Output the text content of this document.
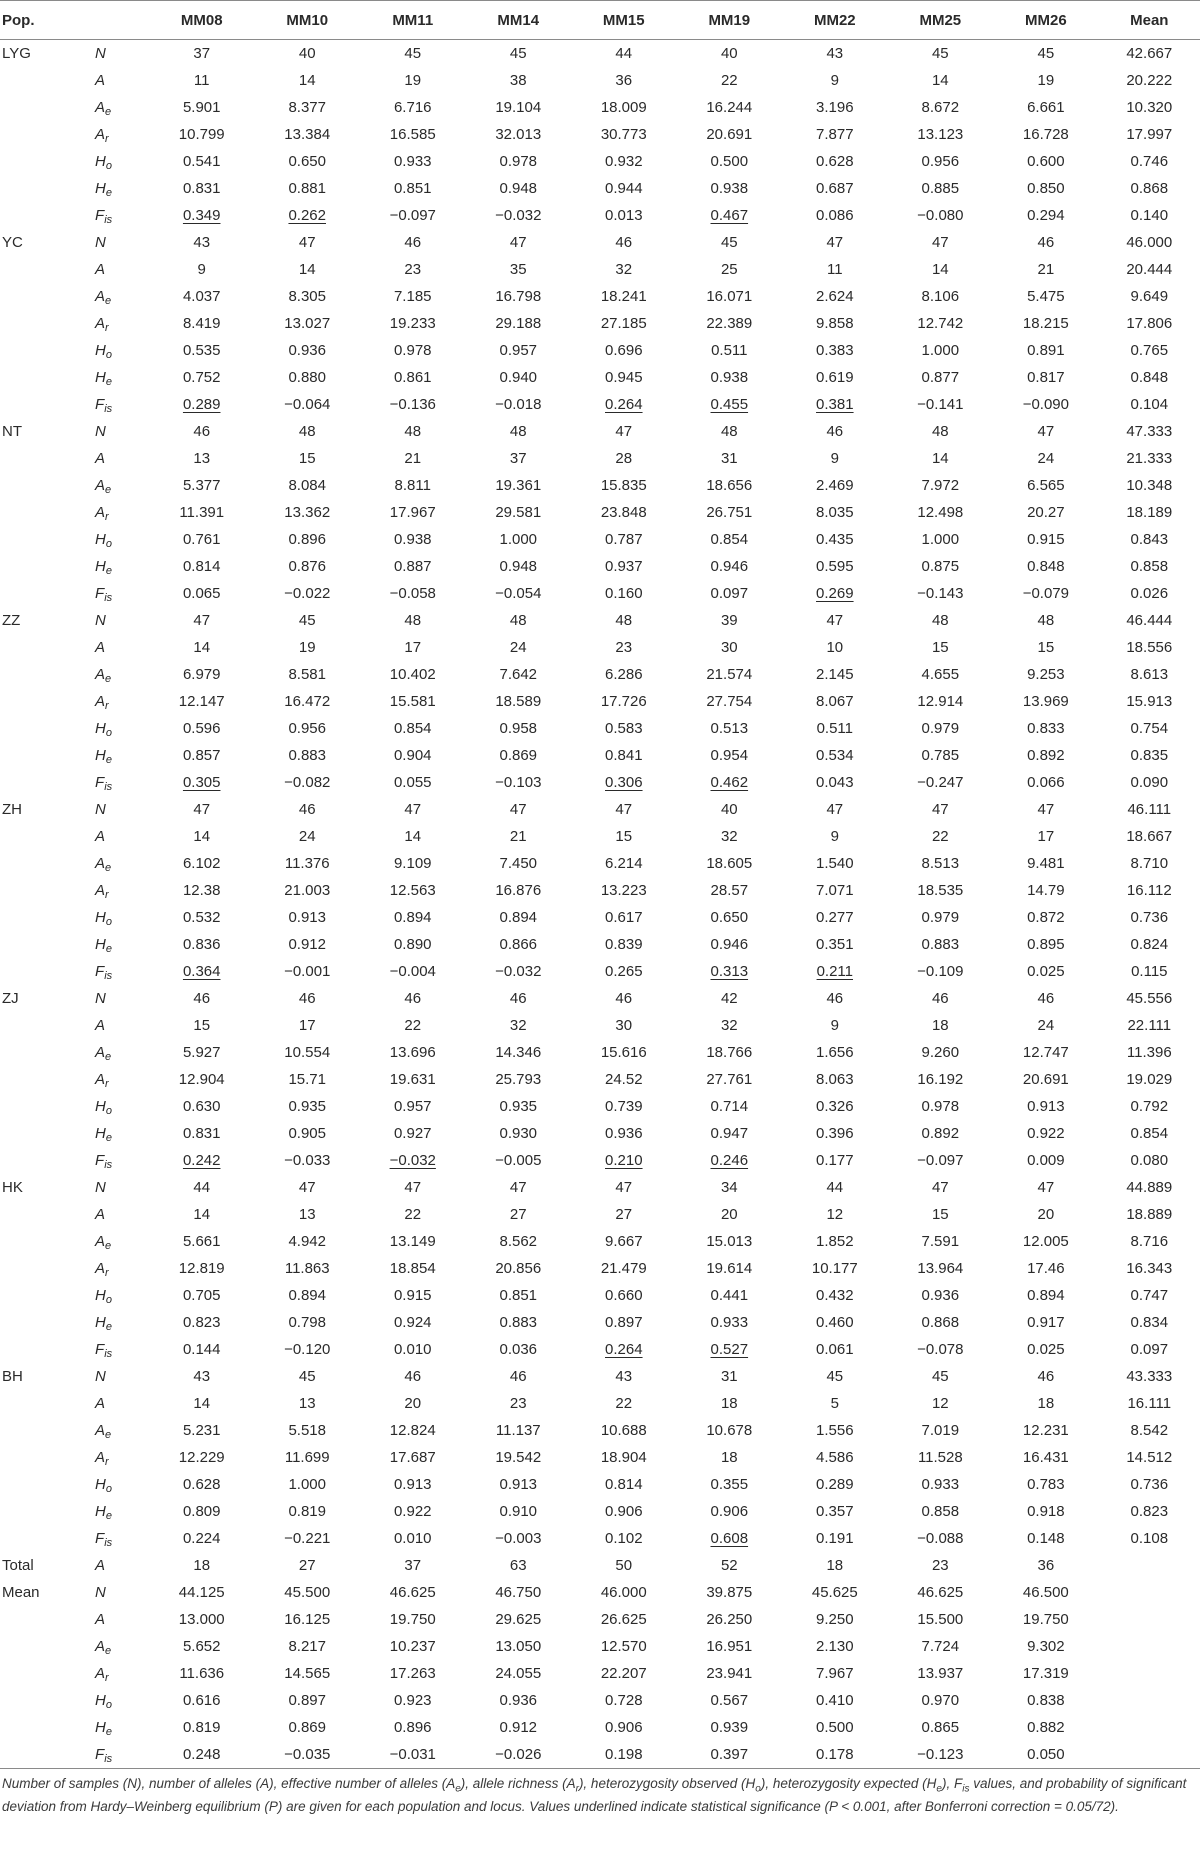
Pop.		MM08	MM10	MM11	MM14	MM15	MM19	MM22	MM25	MM26	Mean
LYG	N	37	40	45	45	44	40	43	45	45	42.667
	A	11	14	19	38	36	22	9	14	19	20.222
	$A_e$	5.901	8.377	6.716	19.104	18.009	16.244	3.196	8.672	6.661	10.320
	$A_r$	10.799	13.384	16.585	32.013	30.773	20.691	7.877	13.123	16.728	17.997
	$H_o$	0.541	0.650	0.933	0.978	0.932	0.500	0.628	0.956	0.600	0.746
	$H_e$	0.831	0.881	0.851	0.948	0.944	0.938	0.687	0.885	0.850	0.868
	$F_{is}$	0.349	0.262	−0.097	−0.032	0.013	0.467	0.086	−0.080	0.294	0.140
YC	N	43	47	46	47	46	45	47	47	46	46.000
	A	9	14	23	35	32	25	11	14	21	20.444
	$A_e$	4.037	8.305	7.185	16.798	18.241	16.071	2.624	8.106	5.475	9.649
	$A_r$	8.419	13.027	19.233	29.188	27.185	22.389	9.858	12.742	18.215	17.806
	$H_o$	0.535	0.936	0.978	0.957	0.696	0.511	0.383	1.000	0.891	0.765
	$H_e$	0.752	0.880	0.861	0.940	0.945	0.938	0.619	0.877	0.817	0.848
	$F_{is}$	0.289	−0.064	−0.136	−0.018	0.264	0.455	0.381	−0.141	−0.090	0.104
NT	N	46	48	48	48	47	48	46	48	47	47.333
	A	13	15	21	37	28	31	9	14	24	21.333
	$A_e$	5.377	8.084	8.811	19.361	15.835	18.656	2.469	7.972	6.565	10.348
	$A_r$	11.391	13.362	17.967	29.581	23.848	26.751	8.035	12.498	20.27	18.189
	$H_o$	0.761	0.896	0.938	1.000	0.787	0.854	0.435	1.000	0.915	0.843
	$H_e$	0.814	0.876	0.887	0.948	0.937	0.946	0.595	0.875	0.848	0.858
	$F_{is}$	0.065	−0.022	−0.058	−0.054	0.160	0.097	0.269	−0.143	−0.079	0.026
ZZ	N	47	45	48	48	48	39	47	48	48	46.444
	A	14	19	17	24	23	30	10	15	15	18.556
	$A_e$	6.979	8.581	10.402	7.642	6.286	21.574	2.145	4.655	9.253	8.613
	$A_r$	12.147	16.472	15.581	18.589	17.726	27.754	8.067	12.914	13.969	15.913
	$H_o$	0.596	0.956	0.854	0.958	0.583	0.513	0.511	0.979	0.833	0.754
	$H_e$	0.857	0.883	0.904	0.869	0.841	0.954	0.534	0.785	0.892	0.835
	$F_{is}$	0.305	−0.082	0.055	−0.103	0.306	0.462	0.043	−0.247	0.066	0.090
ZH	N	47	46	47	47	47	40	47	47	47	46.111
	A	14	24	14	21	15	32	9	22	17	18.667
	$A_e$	6.102	11.376	9.109	7.450	6.214	18.605	1.540	8.513	9.481	8.710
	$A_r$	12.38	21.003	12.563	16.876	13.223	28.57	7.071	18.535	14.79	16.112
	$H_o$	0.532	0.913	0.894	0.894	0.617	0.650	0.277	0.979	0.872	0.736
	$H_e$	0.836	0.912	0.890	0.866	0.839	0.946	0.351	0.883	0.895	0.824
	$F_{is}$	0.364	−0.001	−0.004	−0.032	0.265	0.313	0.211	−0.109	0.025	0.115
ZJ	N	46	46	46	46	46	42	46	46	46	45.556
	A	15	17	22	32	30	32	9	18	24	22.111
	$A_e$	5.927	10.554	13.696	14.346	15.616	18.766	1.656	9.260	12.747	11.396
	$A_r$	12.904	15.71	19.631	25.793	24.52	27.761	8.063	16.192	20.691	19.029
	$H_o$	0.630	0.935	0.957	0.935	0.739	0.714	0.326	0.978	0.913	0.792
	$H_e$	0.831	0.905	0.927	0.930	0.936	0.947	0.396	0.892	0.922	0.854
	$F_{is}$	0.242	−0.033	−0.032	−0.005	0.210	0.246	0.177	−0.097	0.009	0.080
HK	N	44	47	47	47	47	34	44	47	47	44.889
	A	14	13	22	27	27	20	12	15	20	18.889
	$A_e$	5.661	4.942	13.149	8.562	9.667	15.013	1.852	7.591	12.005	8.716
	$A_r$	12.819	11.863	18.854	20.856	21.479	19.614	10.177	13.964	17.46	16.343
	$H_o$	0.705	0.894	0.915	0.851	0.660	0.441	0.432	0.936	0.894	0.747
	$H_e$	0.823	0.798	0.924	0.883	0.897	0.933	0.460	0.868	0.917	0.834
	$F_{is}$	0.144	−0.120	0.010	0.036	0.264	0.527	0.061	−0.078	0.025	0.097
BH	N	43	45	46	46	43	31	45	45	46	43.333
	A	14	13	20	23	22	18	5	12	18	16.111
	$A_e$	5.231	5.518	12.824	11.137	10.688	10.678	1.556	7.019	12.231	8.542
	$A_r$	12.229	11.699	17.687	19.542	18.904	18	4.586	11.528	16.431	14.512
	$H_o$	0.628	1.000	0.913	0.913	0.814	0.355	0.289	0.933	0.783	0.736
	$H_e$	0.809	0.819	0.922	0.910	0.906	0.906	0.357	0.858	0.918	0.823
	$F_{is}$	0.224	−0.221	0.010	−0.003	0.102	0.608	0.191	−0.088	0.148	0.108
Total	A	18	27	37	63	50	52	18	23	36	
Mean	N	44.125	45.500	46.625	46.750	46.000	39.875	45.625	46.625	46.500	
	A	13.000	16.125	19.750	29.625	26.625	26.250	9.250	15.500	19.750	
	$A_e$	5.652	8.217	10.237	13.050	12.570	16.951	2.130	7.724	9.302	
	$A_r$	11.636	14.565	17.263	24.055	22.207	23.941	7.967	13.937	17.319	
	$H_o$	0.616	0.897	0.923	0.936	0.728	0.567	0.410	0.970	0.838	
	$H_e$	0.819	0.869	0.896	0.912	0.906	0.939	0.500	0.865	0.882	
	$F_{is}$	0.248	−0.035	−0.031	−0.026	0.198	0.397	0.178	−0.123	0.050	
Number of samples (N), number of alleles (A), effective number of alleles $(A_e)$, allele richness $(A_r)$, heterozygosity observed $(H_o)$, heterozygosity expected $(H_e)$, $F_{is}$ values, and probability of significant deviation from Hardy–Weinberg equilibrium (P) are given for each population and locus. Values underlined indicate statistical significance (P < 0.001, after Bonferroni correction = 0.05/72).
